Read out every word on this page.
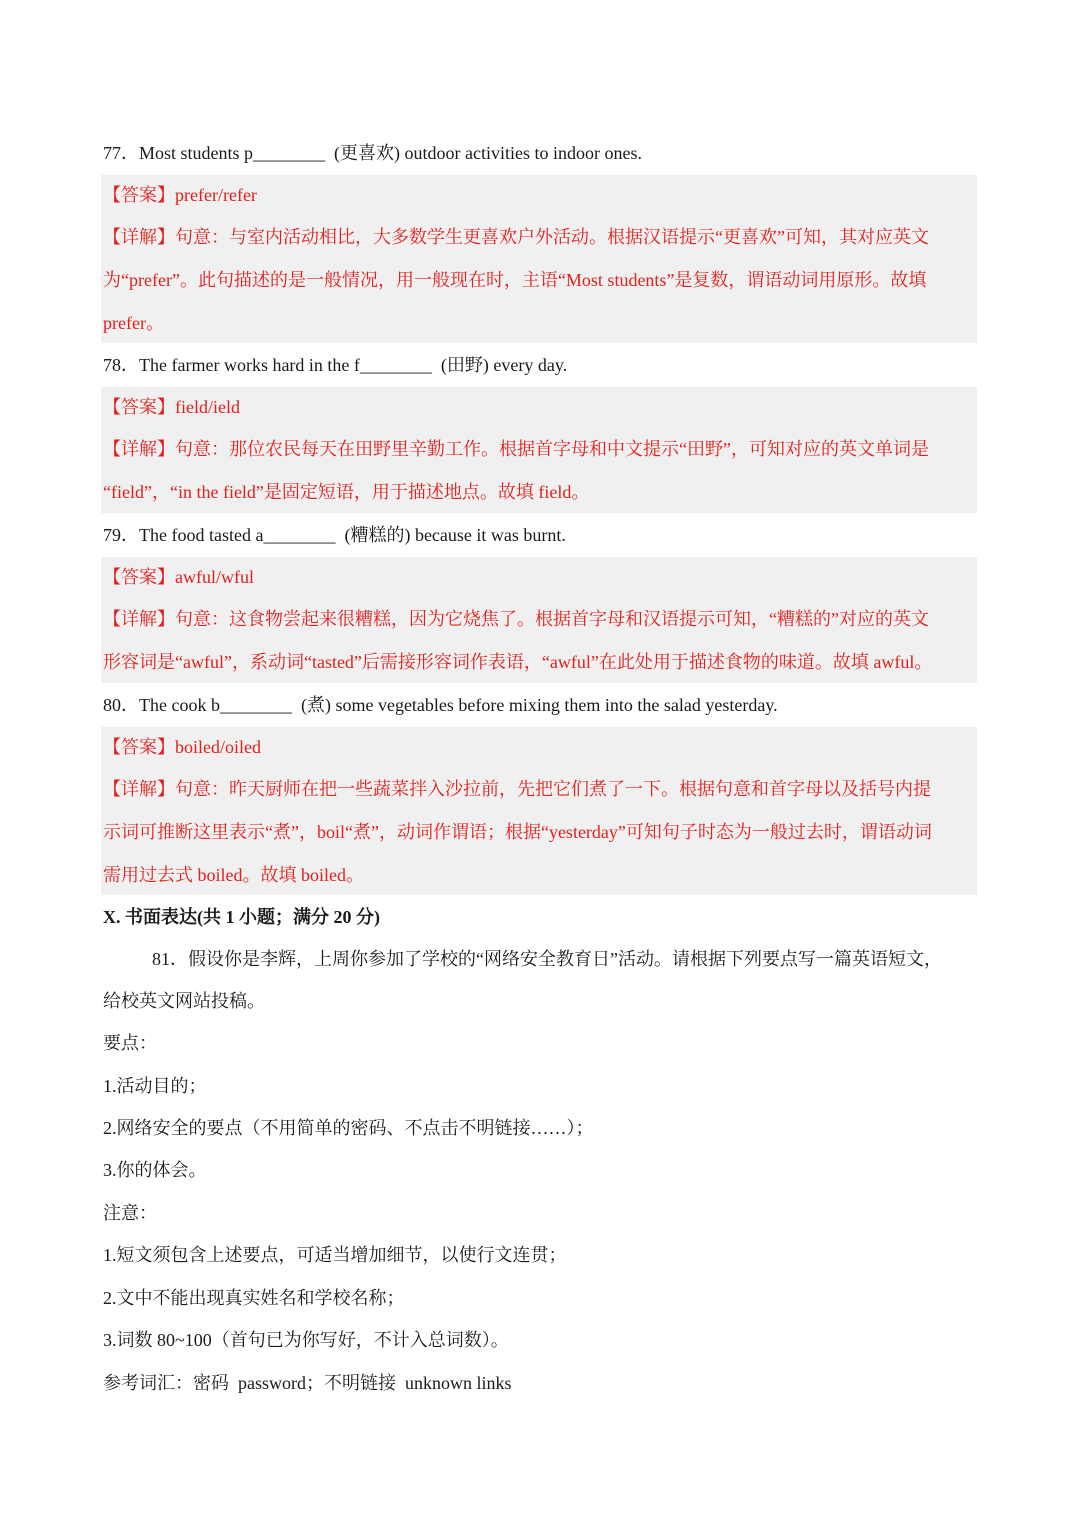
77．Most students p________  (更喜欢) outdoor activities to indoor ones.
【答案】prefer/refer
【详解】句意：与室内活动相比，大多数学生更喜欢户外活动。根据汉语提示“更喜欢”可知，其对应英文
为“prefer”。此句描述的是一般情况，用一般现在时，主语“Most students”是复数，谓语动词用原形。故填
prefer。
78．The farmer works hard in the f________  (田野) every day.
【答案】field/ield
【详解】句意：那位农民每天在田野里辛勤工作。根据首字母和中文提示“田野”，可知对应的英文单词是
“field”，“in the field”是固定短语，用于描述地点。故填 field。
79．The food tasted a________  (糟糕的) because it was burnt.
【答案】awful/wful
【详解】句意：这食物尝起来很糟糕，因为它烧焦了。根据首字母和汉语提示可知，“糟糕的”对应的英文
形容词是“awful”，系动词“tasted”后需接形容词作表语，“awful”在此处用于描述食物的味道。故填 awful。
80．The cook b________  (煮) some vegetables before mixing them into the salad yesterday.
【答案】boiled/oiled
【详解】句意：昨天厨师在把一些蔬菜拌入沙拉前，先把它们煮了一下。根据句意和首字母以及括号内提
示词可推断这里表示“煮”，boil“煮”，动词作谓语；根据“yesterday”可知句子时态为一般过去时，谓语动词
需用过去式 boiled。故填 boiled。
X. 书面表达(共 1 小题；满分 20 分)
81．假设你是李辉，上周你参加了学校的“网络安全教育日”活动。请根据下列要点写一篇英语短文，
给校英文网站投稿。
要点：
1.活动目的；
2.网络安全的要点（不用简单的密码、不点击不明链接……）；
3.你的体会。
注意：
1.短文须包含上述要点，可适当增加细节，以使行文连贯；
2.文中不能出现真实姓名和学校名称；
3.词数 80~100（首句已为你写好，不计入总词数）。
参考词汇：密码  password；不明链接  unknown links
